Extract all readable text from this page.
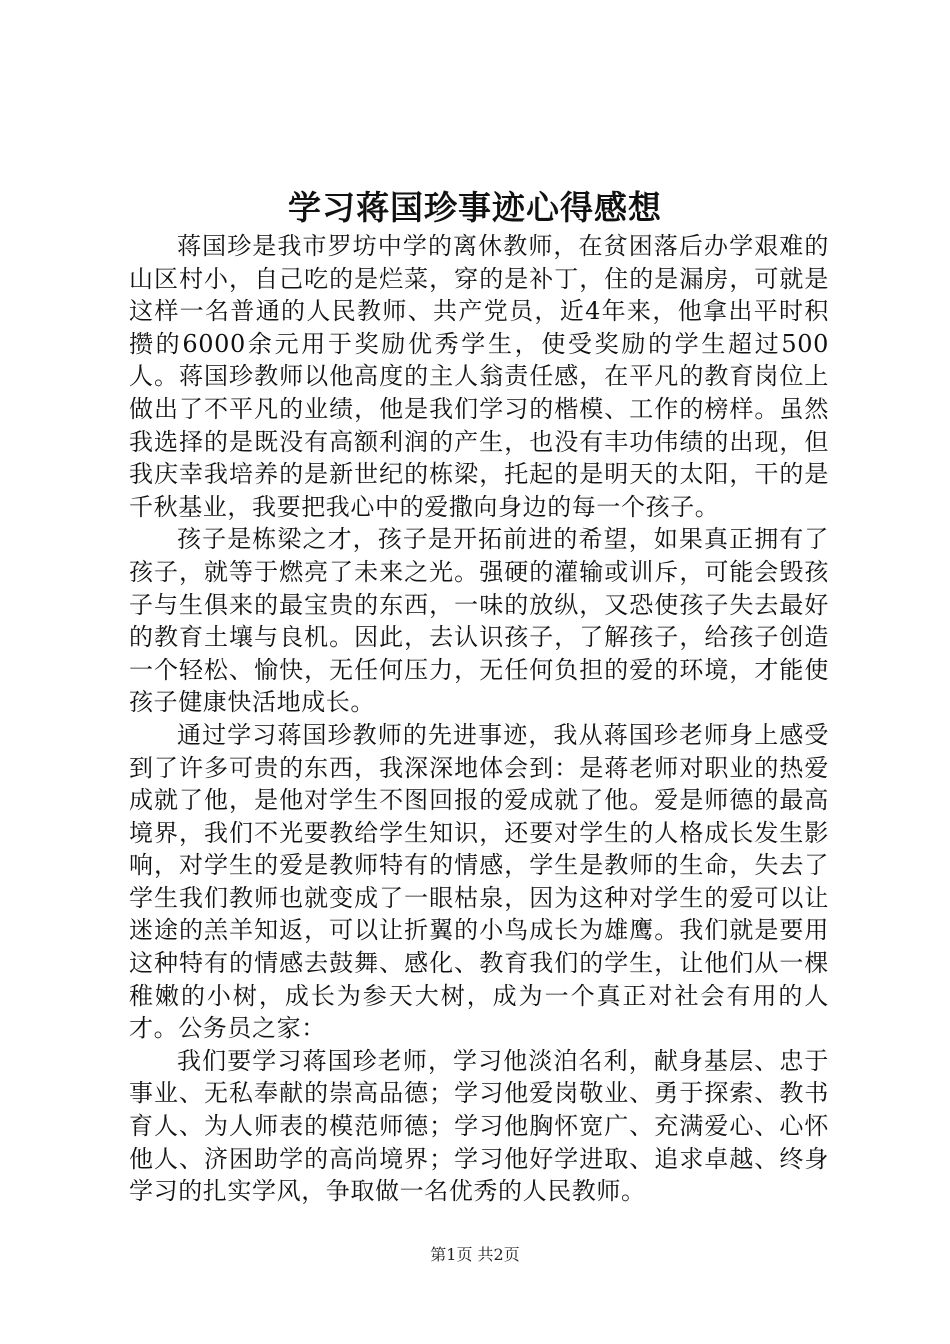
学习蒋国珍事迹心得感想

蒋国珍是我市罗坊中学的离休教师，在贫困落后办学艰难的山区村小，自己吃的是烂菜，穿的是补丁，住的是漏房，可就是这样一名普通的人民教师、共产党员，近4年来，他拿出平时积攒的6000余元用于奖励优秀学生，使受奖励的学生超过500人。蒋国珍教师以他高度的主人翁责任感，在平凡的教育岗位上做出了不平凡的业绩，他是我们学习的楷模、工作的榜样。虽然我选择的是既没有高额利润的产生，也没有丰功伟绩的出现，但我庆幸我培养的是新世纪的栋梁，托起的是明天的太阳，干的是千秋基业，我要把我心中的爱撒向身边的每一个孩子。

孩子是栋梁之才，孩子是开拓前进的希望，如果真正拥有了孩子，就等于燃亮了未来之光。强硬的灌输或训斥，可能会毁孩子与生俱来的最宝贵的东西，一味的放纵，又恐使孩子失去最好的教育土壤与良机。因此，去认识孩子，了解孩子，给孩子创造一个轻松、愉快，无任何压力，无任何负担的爱的环境，才能使孩子健康快活地成长。

通过学习蒋国珍教师的先进事迹，我从蒋国珍老师身上感受到了许多可贵的东西，我深深地体会到：是蒋老师对职业的热爱成就了他，是他对学生不图回报的爱成就了他。爱是师德的最高境界，我们不光要教给学生知识，还要对学生的人格成长发生影响，对学生的爱是教师特有的情感，学生是教师的生命，失去了学生我们教师也就变成了一眼枯泉，因为这种对学生的爱可以让迷途的羔羊知返，可以让折翼的小鸟成长为雄鹰。我们就是要用这种特有的情感去鼓舞、感化、教育我们的学生，让他们从一棵稚嫩的小树，成长为参天大树，成为一个真正对社会有用的人才。公务员之家：

我们要学习蒋国珍老师，学习他淡泊名利，献身基层、忠于事业、无私奉献的崇高品德；学习他爱岗敬业、勇于探索、教书育人、为人师表的模范师德；学习他胸怀宽广、充满爱心、心怀他人、济困助学的高尚境界；学习他好学进取、追求卓越、终身学习的扎实学风，争取做一名优秀的人民教师。

第1页 共2页
